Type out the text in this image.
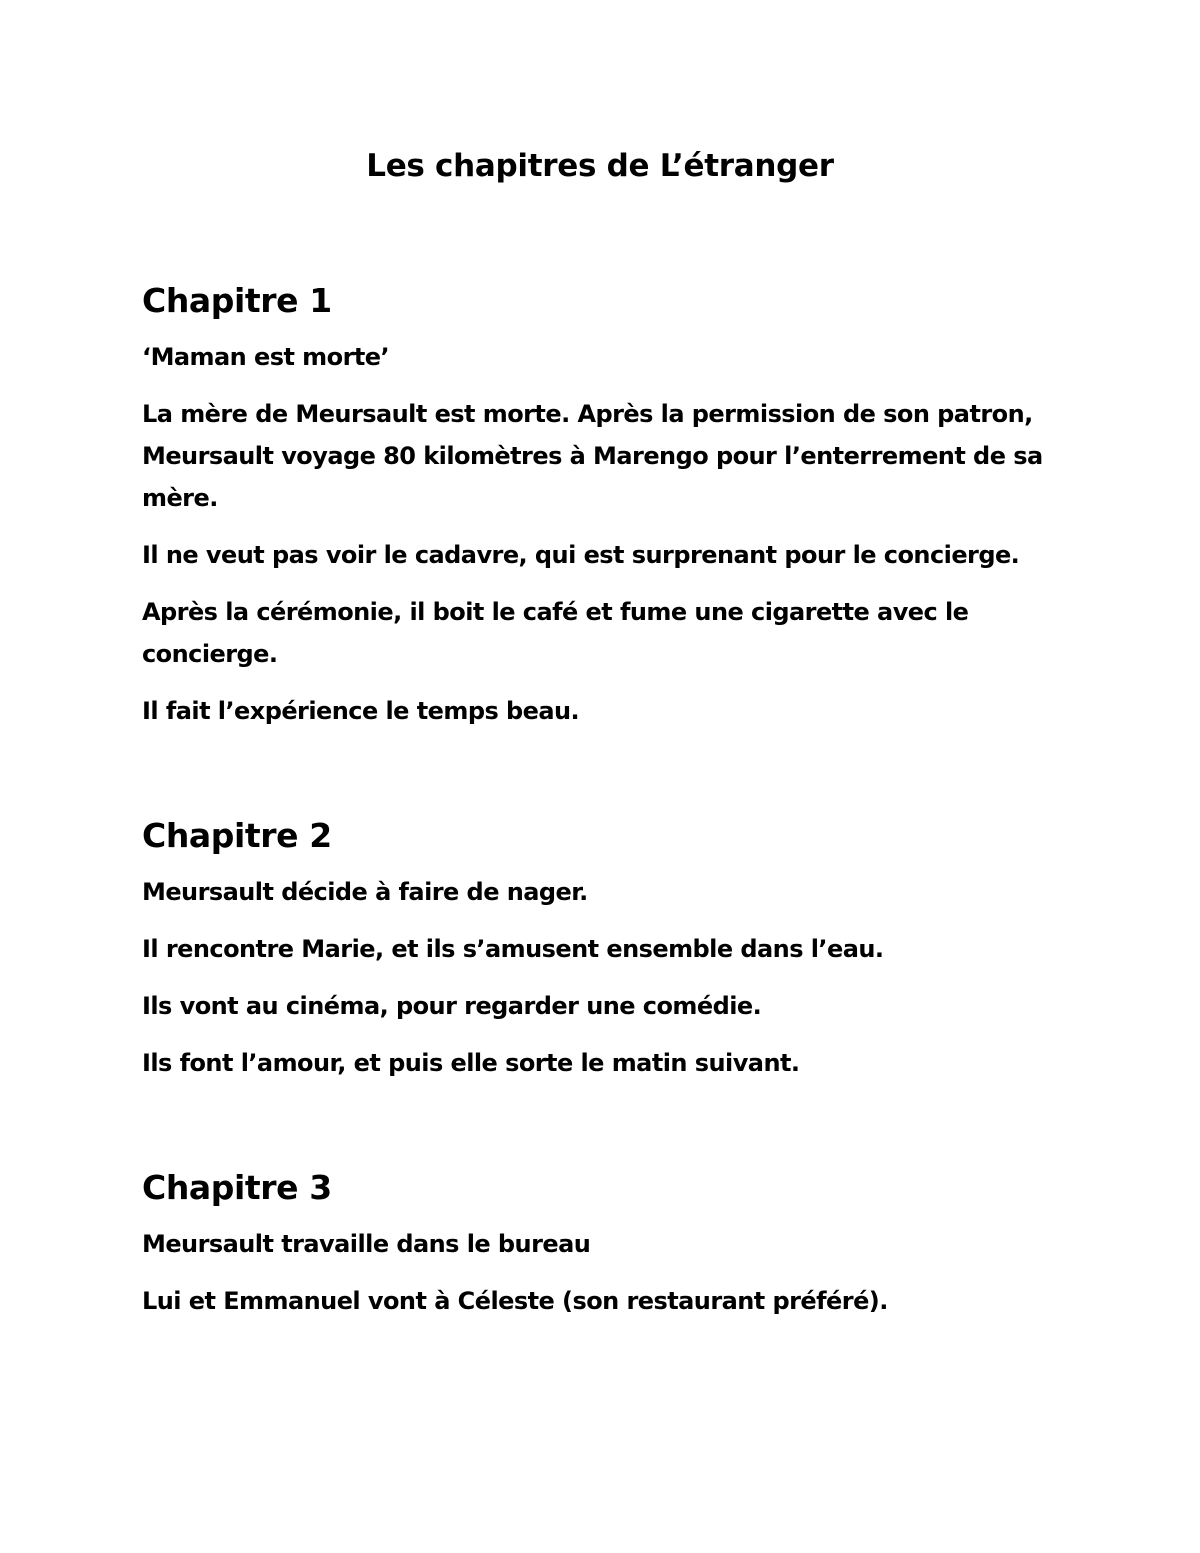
Les chapitres de L’étranger
Chapitre 1

‘Maman est morte’

La mère de Meursault est morte. Après la permission de son patron, Meursault voyage 80 kilomètres à Marengo pour l’enterrement de sa mère.

Il ne veut pas voir le cadavre, qui est surprenant pour le concierge.

Après la cérémonie, il boit le café et fume une cigarette avec le concierge.

Il fait l’expérience le temps beau.

Chapitre 2

Meursault décide à faire de nager.

Il rencontre Marie, et ils s’amusent ensemble dans l’eau.

Ils vont au cinéma, pour regarder une comédie.

Ils font l’amour, et puis elle sorte le matin suivant.

Chapitre 3

Meursault travaille dans le bureau

Lui et Emmanuel vont à Céleste (son restaurant préféré).
